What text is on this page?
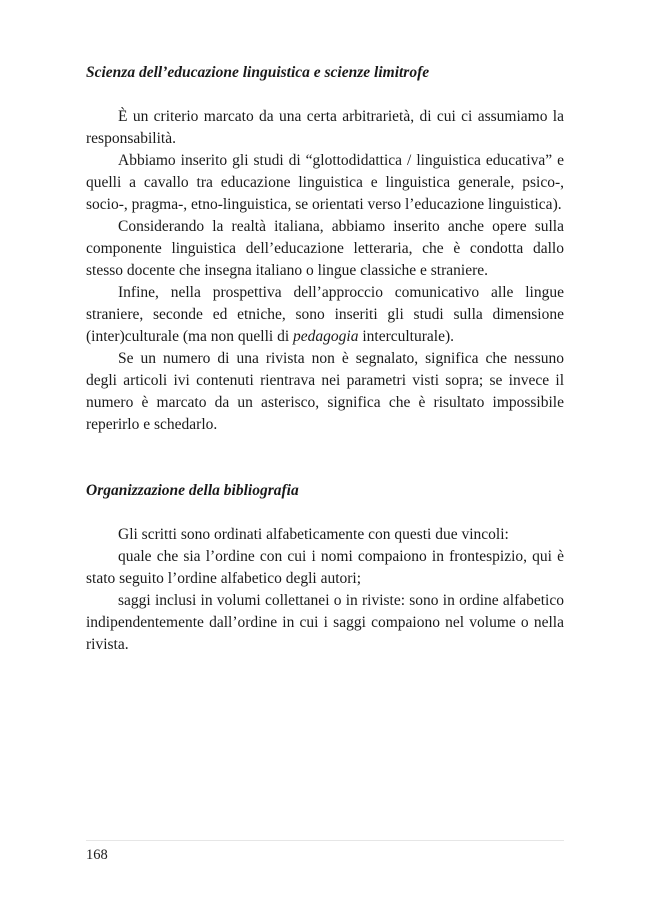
Scienza dell’educazione linguistica e scienze limitrofe

È un criterio marcato da una certa arbitrarietà, di cui ci assumiamo la responsabilità.

Abbiamo inserito gli studi di “glottodidattica / linguistica educativa” e quelli a cavallo tra educazione linguistica e linguistica generale, psico-, socio-, pragma-, etno-linguistica, se orientati verso l’educazione linguistica).

Considerando la realtà italiana, abbiamo inserito anche opere sulla componente linguistica dell’educazione letteraria, che è condotta dallo stesso docente che insegna italiano o lingue classiche e straniere.

Infine, nella prospettiva dell’approccio comunicativo alle lingue straniere, seconde ed etniche, sono inseriti gli studi sulla dimensione (inter)culturale (ma non quelli di pedagogia interculturale).

Se un numero di una rivista non è segnalato, significa che nessuno degli articoli ivi contenuti rientrava nei parametri visti sopra; se invece il numero è marcato da un asterisco, significa che è risultato impossibile reperirlo e schedarlo.

Organizzazione della bibliografia

Gli scritti sono ordinati alfabeticamente con questi due vincoli:

quale che sia l’ordine con cui i nomi compaiono in frontespizio, qui è stato seguito l’ordine alfabetico degli autori;

saggi inclusi in volumi collettanei o in riviste: sono in ordine alfabetico indipendentemente dall’ordine in cui i saggi compaiono nel volume o nella rivista.

168
